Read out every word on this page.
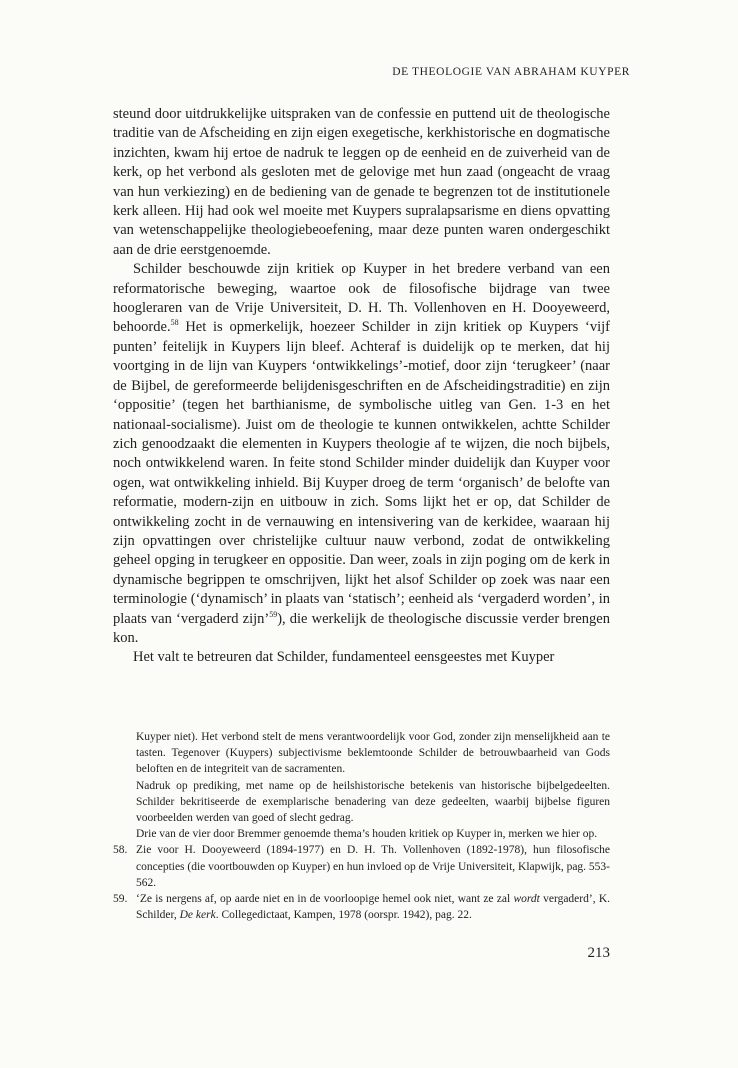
DE THEOLOGIE VAN ABRAHAM KUYPER

steund door uitdrukkelijke uitspraken van de confessie en puttend uit de theologische traditie van de Afscheiding en zijn eigen exegetische, kerkhistorische en dogmatische inzichten, kwam hij ertoe de nadruk te leggen op de eenheid en de zuiverheid van de kerk, op het verbond als gesloten met de gelovige met hun zaad (ongeacht de vraag van hun verkiezing) en de bediening van de genade te begrenzen tot de institutionele kerk alleen. Hij had ook wel moeite met Kuypers supralapsarisme en diens opvatting van wetenschappelijke theologiebeoefening, maar deze punten waren ondergeschikt aan de drie eerstgenoemde.

Schilder beschouwde zijn kritiek op Kuyper in het bredere verband van een reformatorische beweging, waartoe ook de filosofische bijdrage van twee hoogleraren van de Vrije Universiteit, D. H. Th. Vollenhoven en H. Dooyeweerd, behoorde.$^{58}$ Het is opmerkelijk, hoezeer Schilder in zijn kritiek op Kuypers ‘vijf punten’ feitelijk in Kuypers lijn bleef. Achteraf is duidelijk op te merken, dat hij voortging in de lijn van Kuypers ‘ontwikkelings’-motief, door zijn ‘terugkeer’ (naar de Bijbel, de gereformeerde belijdenisgeschriften en de Afscheidingstraditie) en zijn ‘oppositie’ (tegen het barthianisme, de symbolische uitleg van Gen. 1-3 en het nationaal-socialisme). Juist om de theologie te kunnen ontwikkelen, achtte Schilder zich genoodzaakt die elementen in Kuypers theologie af te wijzen, die noch bijbels, noch ontwikkelend waren. In feite stond Schilder minder duidelijk dan Kuyper voor ogen, wat ontwikkeling inhield. Bij Kuyper droeg de term ‘organisch’ de belofte van reformatie, modern-zijn en uitbouw in zich. Soms lijkt het er op, dat Schilder de ontwikkeling zocht in de vernauwing en intensivering van de kerkidee, waaraan hij zijn opvattingen over christelijke cultuur nauw verbond, zodat de ontwikkeling geheel opging in terugkeer en oppositie. Dan weer, zoals in zijn poging om de kerk in dynamische begrippen te omschrijven, lijkt het alsof Schilder op zoek was naar een terminologie (‘dynamisch’ in plaats van ‘statisch’; eenheid als ‘vergaderd worden’, in plaats van ‘vergaderd zijn’$^{59}$), die werkelijk de theologische discussie verder brengen kon.

Het valt te betreuren dat Schilder, fundamenteel eensgeestes met Kuyper

Kuyper niet). Het verbond stelt de mens verantwoordelijk voor God, zonder zijn menselijkheid aan te tasten. Tegenover (Kuypers) subjectivisme beklemtoonde Schilder de betrouwbaarheid van Gods beloften en de integriteit van de sacramenten.

Nadruk op prediking, met name op de heilshistorische betekenis van historische bijbelgedeelten. Schilder bekritiseerde de exemplarische benadering van deze gedeelten, waarbij bijbelse figuren voorbeelden werden van goed of slecht gedrag.

Drie van de vier door Bremmer genoemde thema’s houden kritiek op Kuyper in, merken we hier op.

58. Zie voor H. Dooyeweerd (1894-1977) en D. H. Th. Vollenhoven (1892-1978), hun filosofische concepties (die voortbouwden op Kuyper) en hun invloed op de Vrije Universiteit, Klapwijk, pag. 553-562.

59. ‘Ze is nergens af, op aarde niet en in de voorloopige hemel ook niet, want ze zal wordt vergaderd’, K. Schilder, De kerk. Collegedictaat, Kampen, 1978 (oorspr. 1942), pag. 22.

213
